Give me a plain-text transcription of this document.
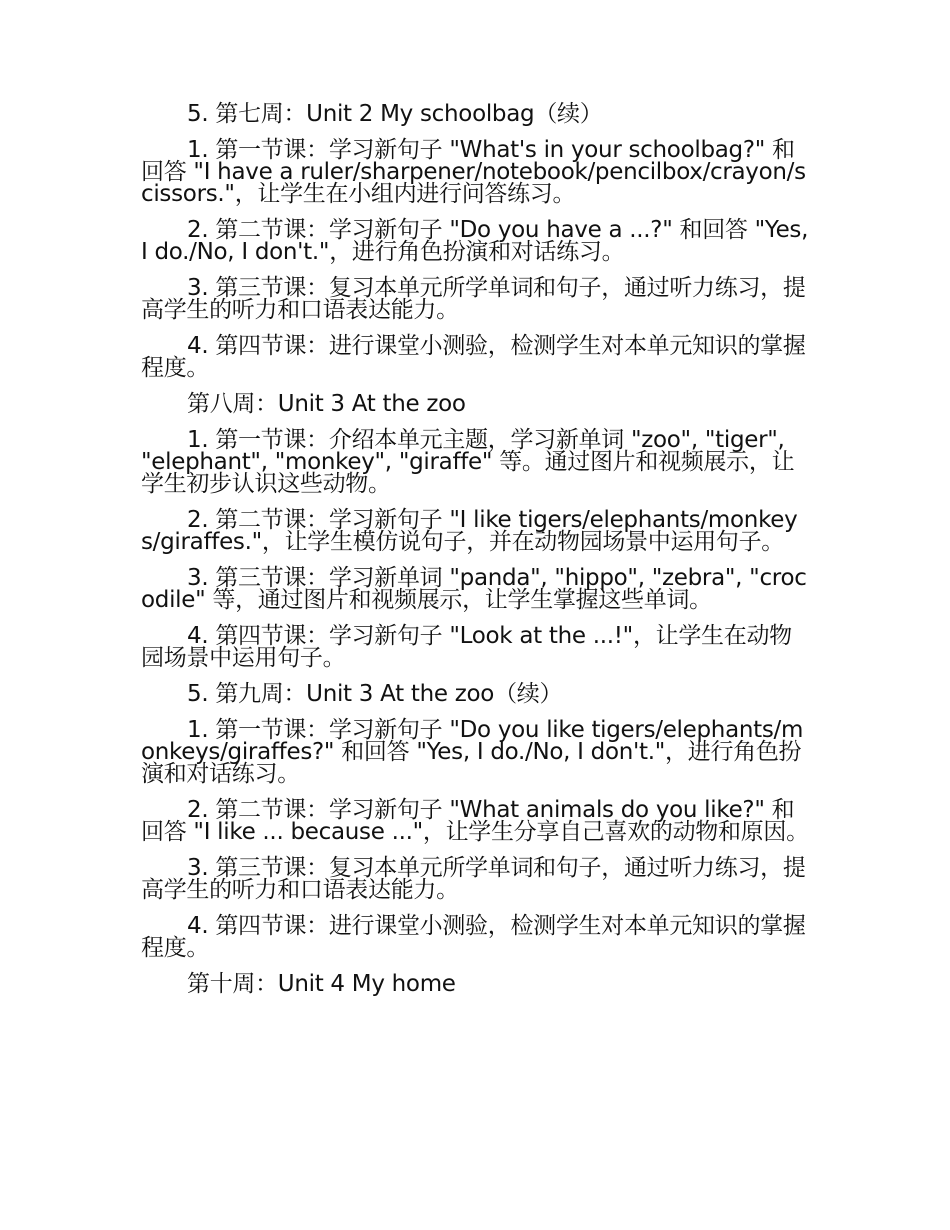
5. 第七周：Unit 2 My schoolbag（续）

1. 第一节课：学习新句子 "What's in your schoolbag?" 和回答 "I have a ruler/sharpener/notebook/pencilbox/crayon/scissors."，让学生在小组内进行问答练习。

2. 第二节课：学习新句子 "Do you have a ...?" 和回答 "Yes, I do./No, I don't."，进行角色扮演和对话练习。

3. 第三节课：复习本单元所学单词和句子，通过听力练习，提高学生的听力和口语表达能力。

4. 第四节课：进行课堂小测验，检测学生对本单元知识的掌握程度。

第八周：Unit 3 At the zoo

1. 第一节课：介绍本单元主题，学习新单词 "zoo", "tiger", "elephant", "monkey", "giraffe" 等。通过图片和视频展示，让学生初步认识这些动物。

2. 第二节课：学习新句子 "I like tigers/elephants/monkeys/giraffes."，让学生模仿说句子，并在动物园场景中运用句子。

3. 第三节课：学习新单词 "panda", "hippo", "zebra", "crocodile" 等，通过图片和视频展示，让学生掌握这些单词。

4. 第四节课：学习新句子 "Look at the ...!"，让学生在动物园场景中运用句子。

5. 第九周：Unit 3 At the zoo（续）

1. 第一节课：学习新句子 "Do you like tigers/elephants/monkeys/giraffes?" 和回答 "Yes, I do./No, I don't."，进行角色扮演和对话练习。

2. 第二节课：学习新句子 "What animals do you like?" 和回答 "I like ... because ..."，让学生分享自己喜欢的动物和原因。

3. 第三节课：复习本单元所学单词和句子，通过听力练习，提高学生的听力和口语表达能力。

4. 第四节课：进行课堂小测验，检测学生对本单元知识的掌握程度。

第十周：Unit 4 My home
